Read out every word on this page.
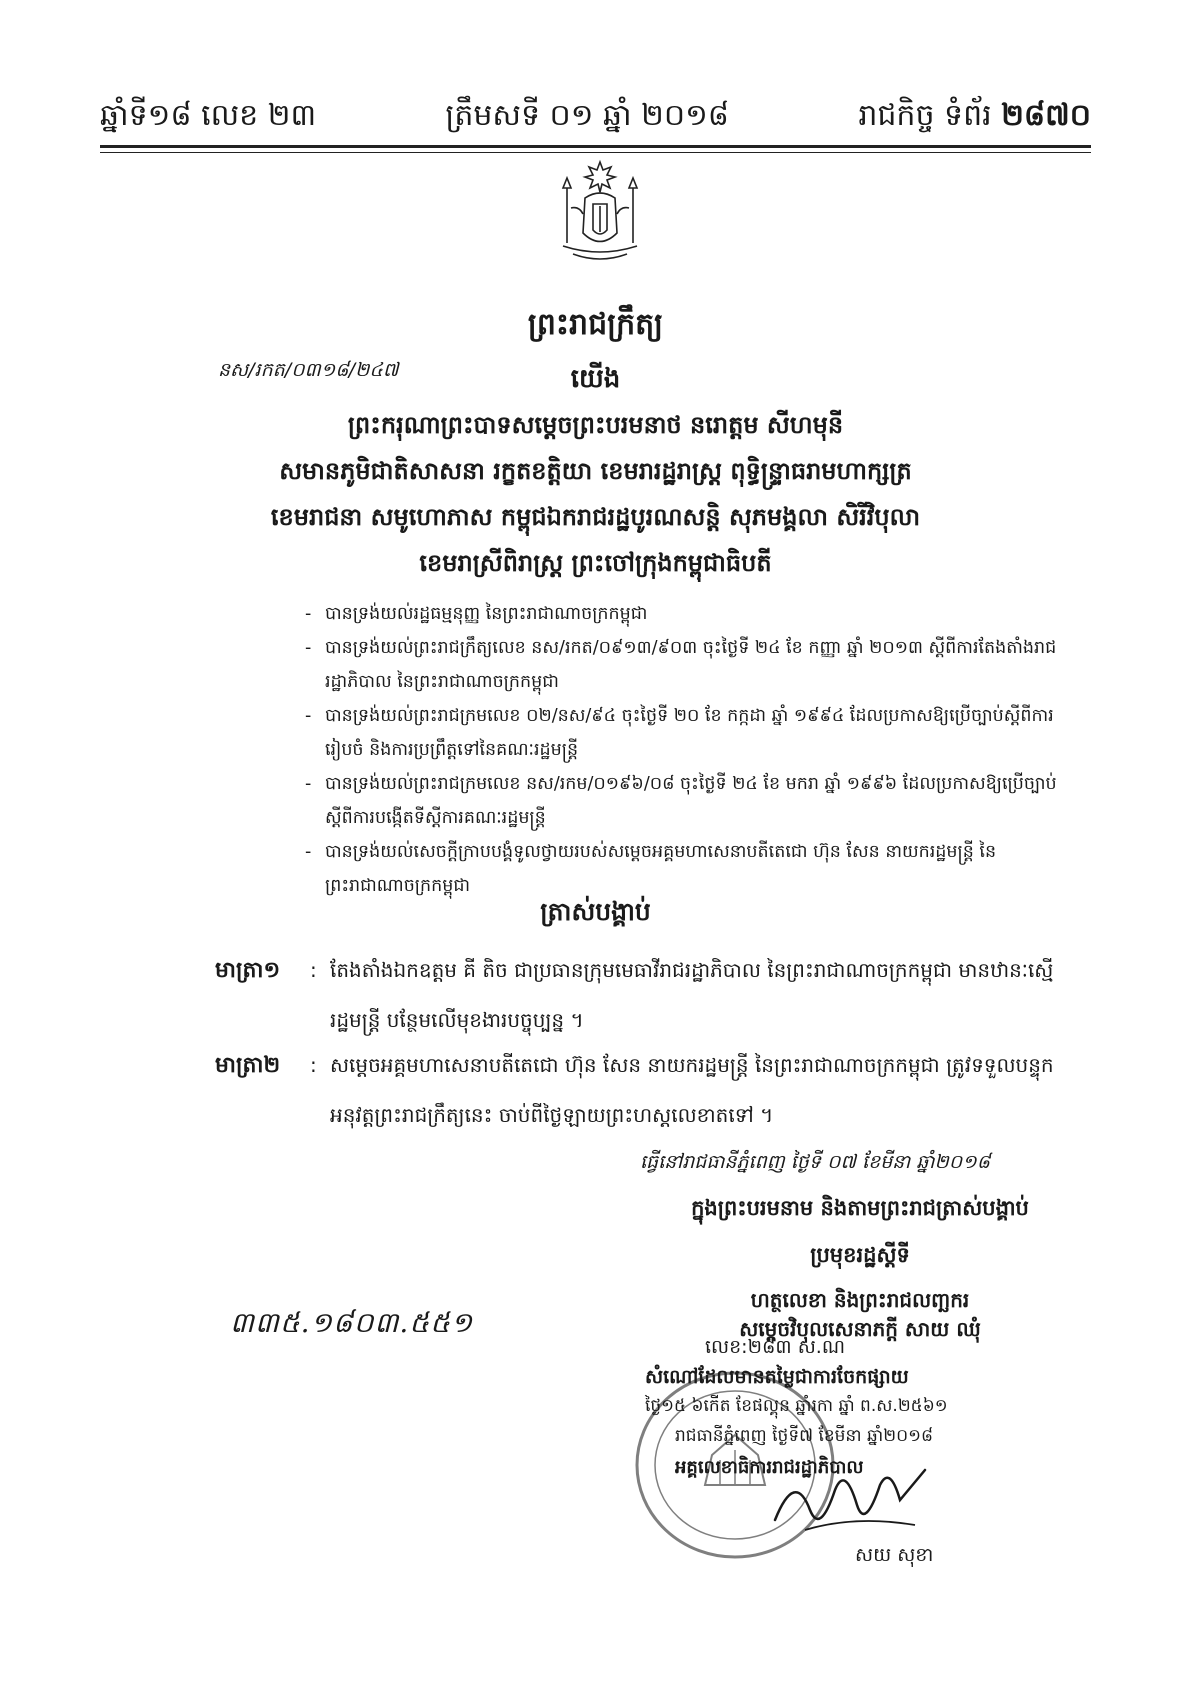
ឆ្នាំទី១៨ លេខ ២៣	ត្រឹមសទី ០១ ឆ្នាំ ២០១៨	រាជកិច្ច ទំព័រ ២៨៧០
ព្រះរាជក្រឹត្យ
នស/រកត/០៣១៨/២៤៧	យើង
ព្រះករុណាព្រះបាទសម្តេចព្រះបរមនាថ នរោត្តម សីហមុនី
សមានភូមិជាតិសាសនា រក្ខតខត្តិយា ខេមរារដ្ឋរាស្ត្រ ពុទ្ធិន្ទ្រាធរាមហាក្សត្រ
ខេមរាជនា សមូហោភាស កម្ពុជឯករាជរដ្ឋបូរណសន្តិ សុភមង្គលា សិរីវិបុលា
ខេមរាស្រីពិរាស្ត្រ ព្រះចៅក្រុងកម្ពុជាធិបតី
- បានទ្រង់យល់រដ្ឋធម្មនុញ្ញ នៃព្រះរាជាណាចក្រកម្ពុជា
- បានទ្រង់យល់ព្រះរាជក្រឹត្យលេខ នស/រកត/០៩១៣/៩០៣ ចុះថ្ងៃទី ២៤ ខែ កញ្ញា ឆ្នាំ ២០១៣ ស្តីពីការតែងតាំងរាជរដ្ឋាភិបាល នៃព្រះរាជាណាចក្រកម្ពុជា
- បានទ្រង់យល់ព្រះរាជក្រមលេខ ០២/នស/៩៤ ចុះថ្ងៃទី ២០ ខែ កក្កដា ឆ្នាំ ១៩៩៤ ដែលប្រកាសឱ្យប្រើច្បាប់ស្តីពីការរៀបចំ និងការប្រព្រឹត្តទៅនៃគណៈរដ្ឋមន្ត្រី
- បានទ្រង់យល់ព្រះរាជក្រមលេខ នស/រកម/០១៩៦/០៨ ចុះថ្ងៃទី ២៤ ខែ មករា ឆ្នាំ ១៩៩៦ ដែលប្រកាសឱ្យប្រើច្បាប់ស្តីពីការបង្កើតទីស្តីការគណៈរដ្ឋមន្ត្រី
- បានទ្រង់យល់សេចក្តីក្រាបបង្គំទូលថ្វាយរបស់សម្តេចអគ្គមហាសេនាបតីតេជោ ហ៊ុន សែន នាយករដ្ឋមន្ត្រី នៃព្រះរាជាណាចក្រកម្ពុជា
ត្រាស់បង្គាប់
មាត្រា១ : តែងតាំងឯកឧត្តម គី តិច ជាប្រធានក្រុមមេធាវីរាជរដ្ឋាភិបាល នៃព្រះរាជាណាចក្រកម្ពុជា មានឋានៈស្មើ រដ្ឋមន្ត្រី បន្ថែមលើមុខងារបច្ចុប្បន្ន ។
មាត្រា២ : សម្តេចអគ្គមហាសេនាបតីតេជោ ហ៊ុន សែន នាយករដ្ឋមន្ត្រី នៃព្រះរាជាណាចក្រកម្ពុជា ត្រូវទទួលបន្ទុកអនុវត្តព្រះរាជក្រឹត្យនេះ ចាប់ពីថ្ងៃឡាយព្រះហស្តលេខាតទៅ ។
ធ្វើនៅរាជធានីភ្នំពេញ ថ្ងៃទី ០៧ ខែមីនា ឆ្នាំ២០១៨
ក្នុងព្រះបរមនាម និងតាមព្រះរាជត្រាស់បង្គាប់
ប្រមុខរដ្ឋស្តីទី
ហត្ថលេខា និងព្រះរាជលញ្ឆករ
សម្តេចវិបុលសេនាភក្តី សាយ ឈុំ
៣៣៥.១៨០៣.៥៥១
លេខ:២៨៣ ស.ណ
សំណៅដែលមានតម្លៃជាការចែកផ្សាយ
ថ្ងៃ១៥ ៦កើត ខែផល្គុន ឆ្នាំរកា ឆ្នាំ ព.ស.២៥៦១
រាជធានីភ្នំពេញ ថ្ងៃទី៧ ខែមីនា ឆ្នាំ២០១៨
អគ្គលេខាធិការរាជរដ្ឋាភិបាល
សយ សុខា
